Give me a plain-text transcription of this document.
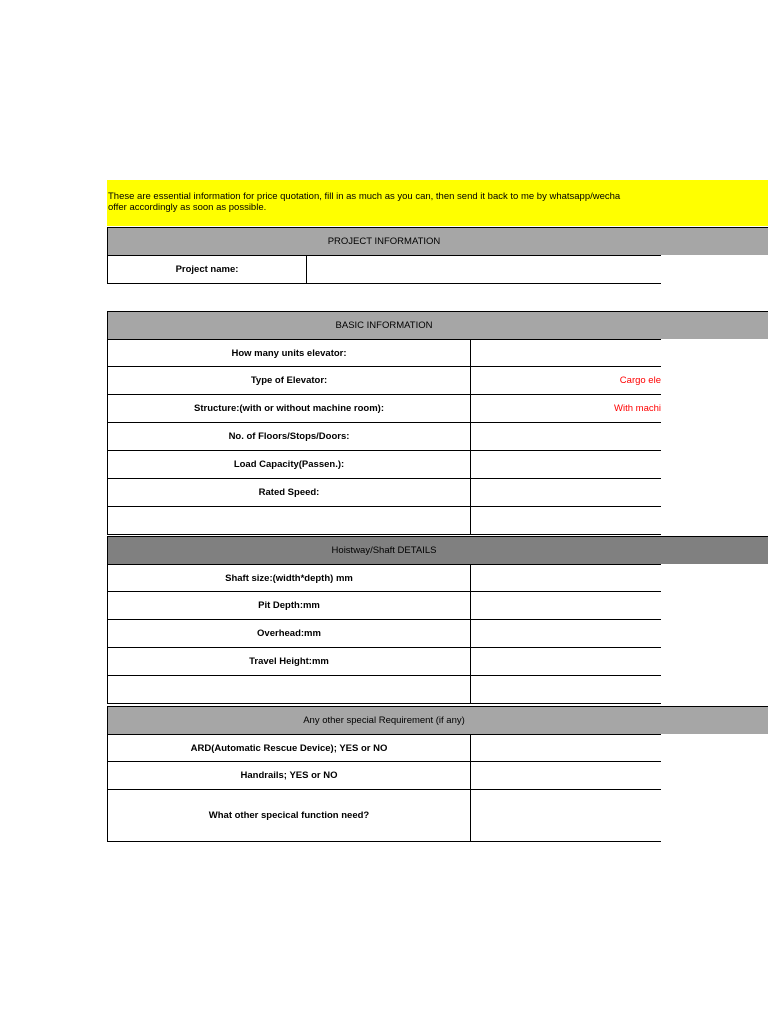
These are essential information for price quotation, fill in as much as you can, then send it back to me by whatsapp/wecha
offer accordingly as soon as possible.
PROJECT INFORMATION
Project name:
BASIC INFORMATION
How many units elevator:
Type of Elevator:	Cargo ele
Structure:(with or without machine room):	With machi
No. of Floors/Stops/Doors:
Load Capacity(Passen.):
Rated Speed:
Hoistway/Shaft DETAILS
Shaft size:(width*depth) mm
Pit Depth:mm
Overhead:mm
Travel Height:mm
Any other special Requirement (if any)
ARD(Automatic Rescue Device); YES or NO
Handrails; YES or NO
What other specical function need?
